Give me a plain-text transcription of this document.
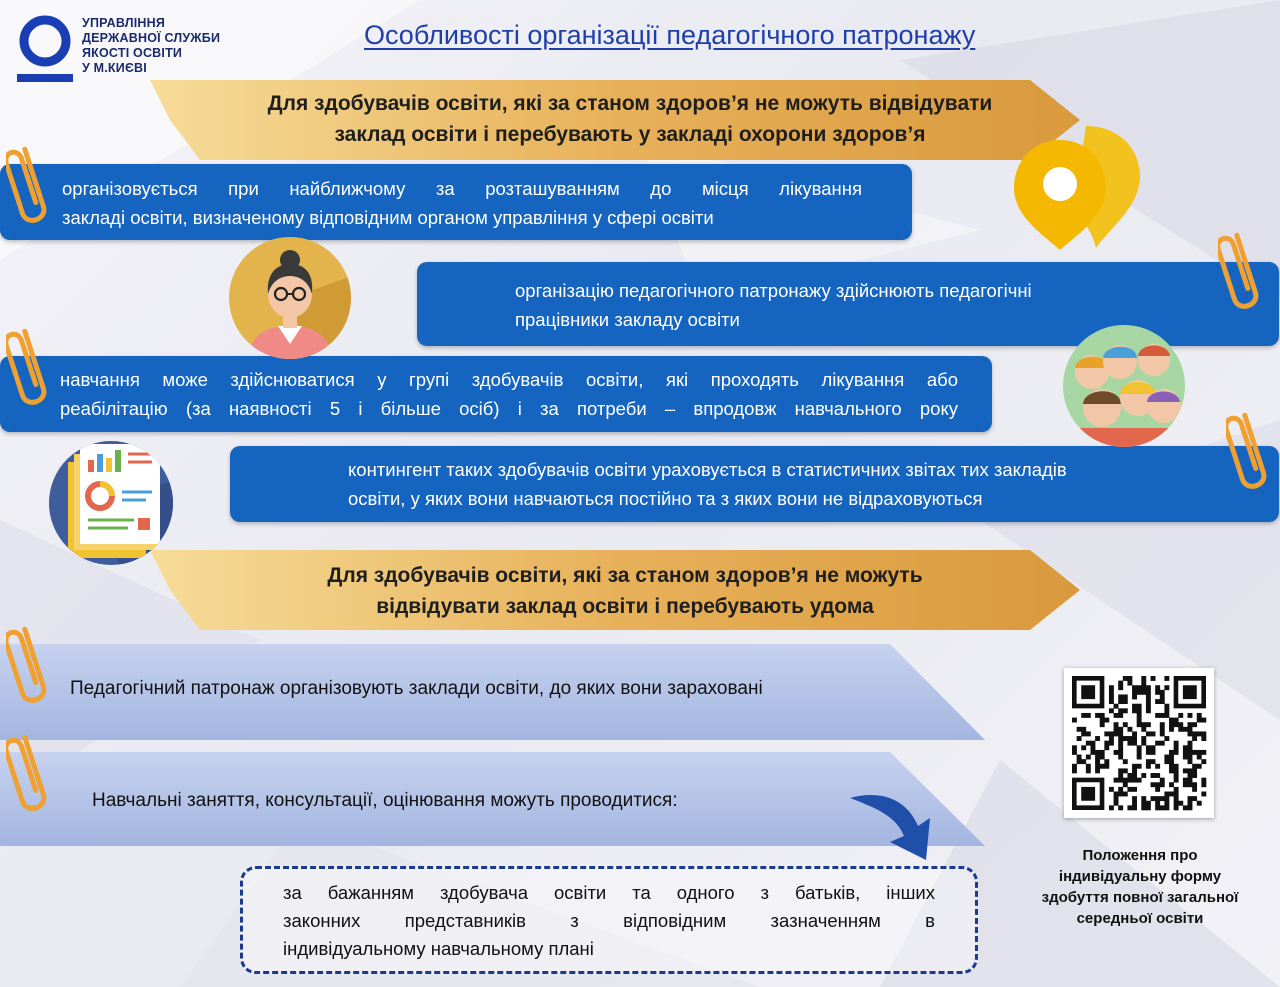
УПРАВЛІННЯ
ДЕРЖАВНОЇ СЛУЖБИ
ЯКОСТІ ОСВІТИ
У М.КИЄВІ
Особливості організації педагогічного патронажу
Для здобувачів освіти, які за станом здоров’я не можуть відвідувати
заклад освіти і перебувають у закладі охорони здоров’я
організовується при найближчому за розташуванням до місця лікування
закладі освіти, визначеному відповідним органом управління у сфері освіти
організацію педагогічного патронажу здійснюють педагогічні
працівники закладу освіти
навчання може здійснюватися у групі здобувачів освіти, які проходять лікування або
реабілітацію (за наявності 5 і більше осіб) і за потреби – впродовж навчального року
контингент таких здобувачів освіти ураховується в статистичних звітах тих закладів
освіти, у яких вони навчаються постійно та з яких вони не відраховуються
Для здобувачів освіти, які за станом здоров’я не можуть
відвідувати заклад освіти і перебувають удома
Педагогічний патронаж організовують заклади освіти, до яких вони зараховані
Навчальні заняття, консультації, оцінювання можуть проводитися:
за бажанням здобувача освіти та одного з батьків, інших
законних представників з відповідним зазначенням в
індивідуальному навчальному плані
Положення про
індивідуальну форму
здобуття повної загальної
середньої освіти
